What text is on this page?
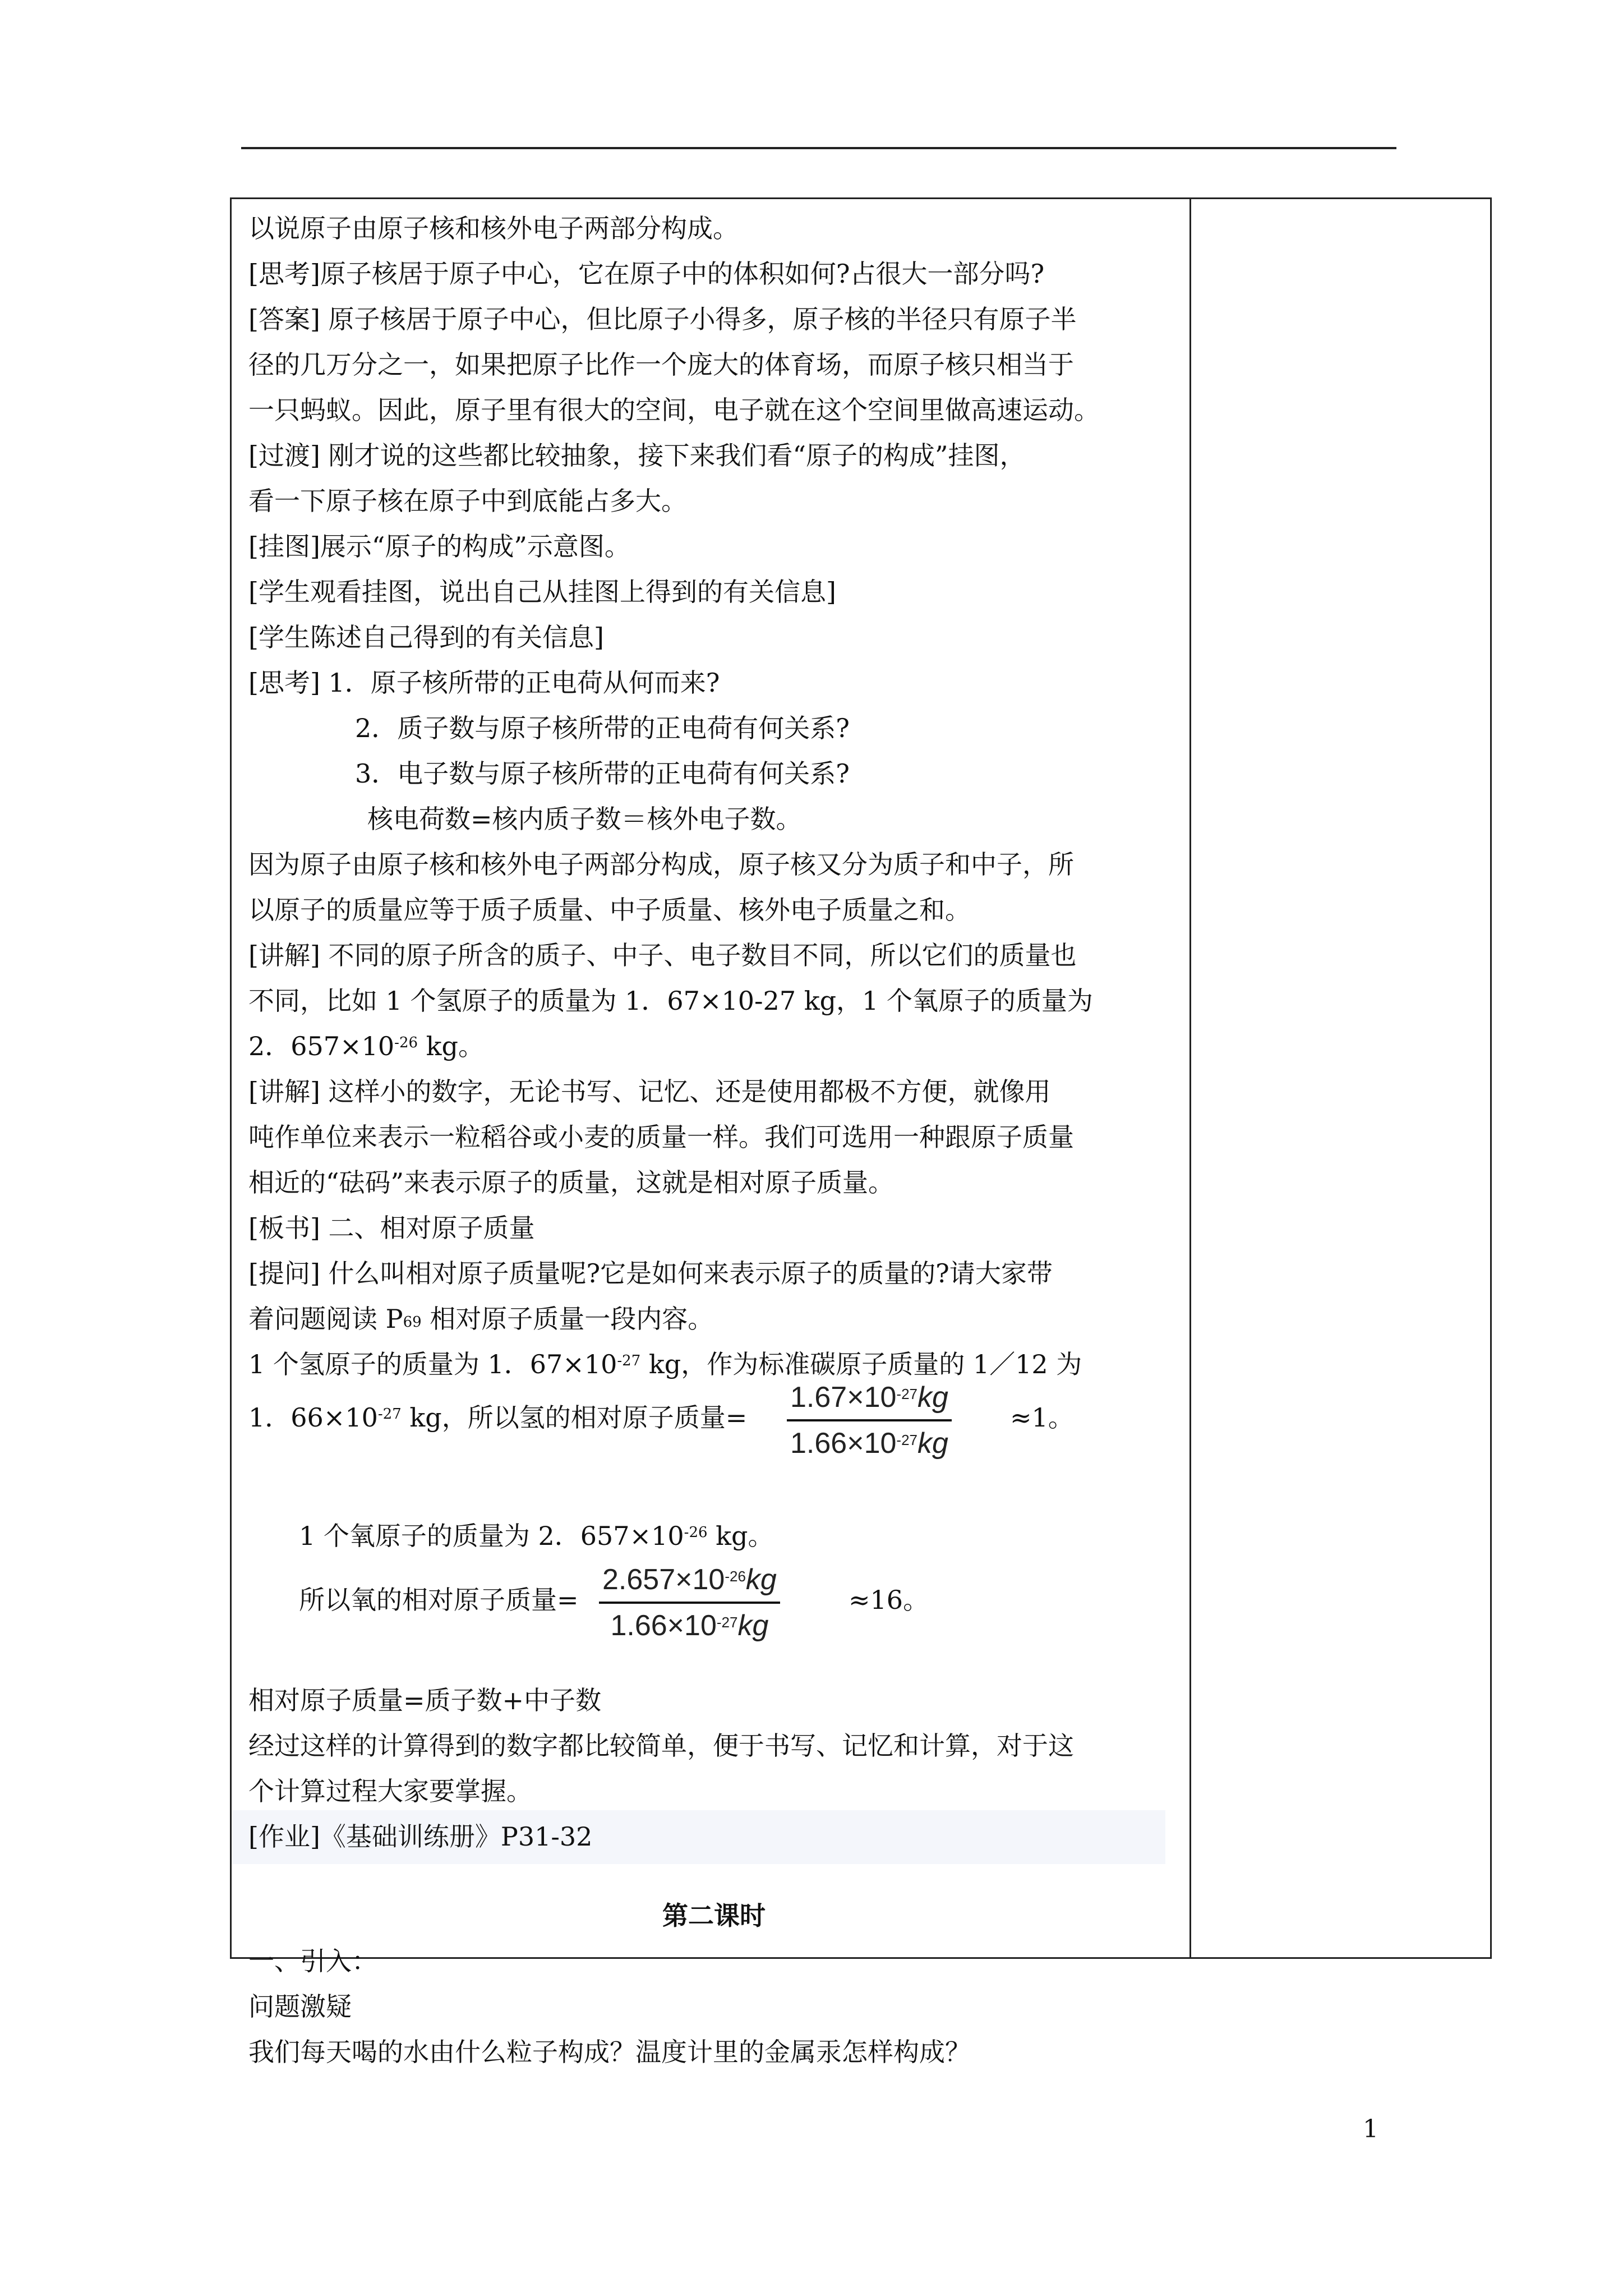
以说原子由原子核和核外电子两部分构成。
[思考]原子核居于原子中心，它在原子中的体积如何?占很大一部分吗?
[答案] 原子核居于原子中心，但比原子小得多，原子核的半径只有原子半
径的几万分之一，如果把原子比作一个庞大的体育场，而原子核只相当于
一只蚂蚁。因此，原子里有很大的空间，电子就在这个空间里做高速运动。
[过渡] 刚才说的这些都比较抽象，接下来我们看“原子的构成”挂图，
看一下原子核在原子中到底能占多大。
[挂图]展示“原子的构成”示意图。
[学生观看挂图，说出自己从挂图上得到的有关信息]
[学生陈述自己得到的有关信息]
[思考] 1．原子核所带的正电荷从何而来?
2．质子数与原子核所带的正电荷有何关系?
3．电子数与原子核所带的正电荷有何关系?
核电荷数=核内质子数＝核外电子数。
因为原子由原子核和核外电子两部分构成，原子核又分为质子和中子，所
以原子的质量应等于质子质量、中子质量、核外电子质量之和。
[讲解] 不同的原子所含的质子、中子、电子数目不同，所以它们的质量也
不同，比如 1 个氢原子的质量为 1．67×10-27 kg，1 个氧原子的质量为
2．$657\times 10^{-26}$ kg。
[讲解] 这样小的数字，无论书写、记忆、还是使用都极不方便，就像用
吨作单位来表示一粒稻谷或小麦的质量一样。我们可选用一种跟原子质量
相近的“砝码”来表示原子的质量，这就是相对原子质量。
[板书] 二、相对原子质量
[提问] 什么叫相对原子质量呢?它是如何来表示原子的质量的?请大家带
着问题阅读 $P_{69}$ 相对原子质量一段内容。
1 个氢原子的质量为 1．$67\times 10^{-27}$ kg，作为标准碳原子质量的 1／12 为
1．$66\times 10^{-27}$ kg，所以氢的相对原子质量= $\frac{1.67\times 10^{-27}kg}{1.66\times 10^{-27}kg} \approx 1$。
1 个氧原子的质量为 2．$657\times 10^{-26}$ kg。
所以氧的相对原子质量= $\frac{2.657\times 10^{-26}kg}{1.66\times 10^{-27}kg}$	≈16。
相对原子质量=质子数+中子数
经过这样的计算得到的数字都比较简单，便于书写、记忆和计算，对于这
个计算过程大家要掌握。
[作业]《基础训练册》P31-32
第二课时
一、引入：
问题激疑
我们每天喝的水由什么粒子构成？温度计里的金属汞怎样构成？
1
